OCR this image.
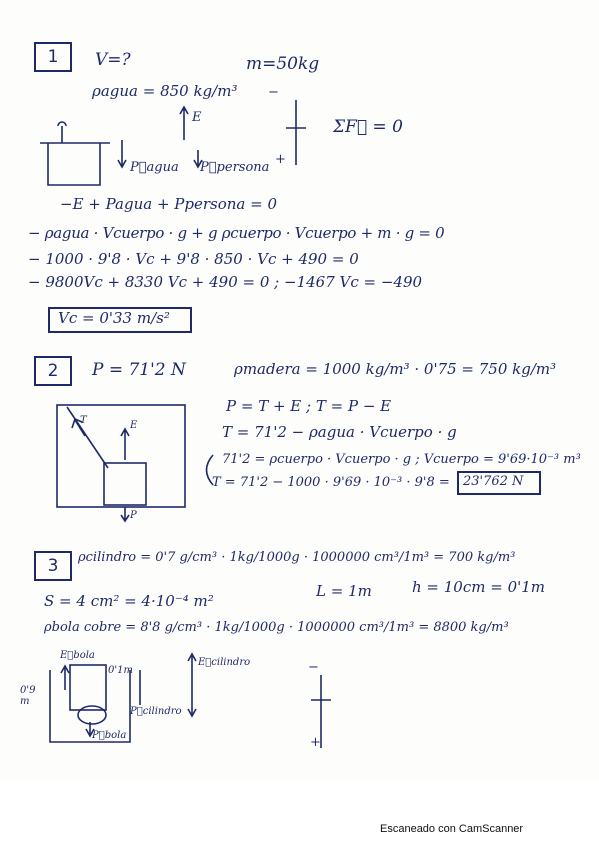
1	V=?	m=50kg
ρagua = 850 kg/m³
E
P⃗agua P⃗persona
ΣF⃗ = 0
−
+
−E + Pagua + Ppersona = 0
− ρagua · Vcuerpo · g + g ρcuerpo · Vcuerpo + m · g = 0
− 1000 · 9'8 · Vc + 9'8 · 850 · Vc + 490 = 0
− 9800Vc + 8330 Vc + 490 = 0 ; −1467 Vc = −490
Vc = 0'33 m/s²
2	P = 71'2 N	ρmadera = 1000 kg/m³ · 0'75 = 750 kg/m³
T	E
P
P = T + E ; T = P − E
T = 71'2 − ρagua · Vcuerpo · g
71'2 = ρcuerpo · Vcuerpo · g ; Vcuerpo = 9'69·10⁻³ m³
T = 71'2 − 1000 · 9'69 · 10⁻³ · 9'8 = 23'762 N
3	ρcilindro = 0'7 g/cm³ · 1kg/1000g · 1000000 cm³/1m³ = 700 kg/m³
S = 4 cm² = 4·10⁻⁴ m²
L = 1m	h = 10cm = 0'1m
ρbola cobre = 8'8 g/cm³ · 1kg/1000g · 1000000 cm³/1m³ = 8800 kg/m³
E⃗bola
E⃗cilindro
P⃗cilindro
P⃗bola
0'1m
0'9 m
−
+
Escaneado con CamScanner
